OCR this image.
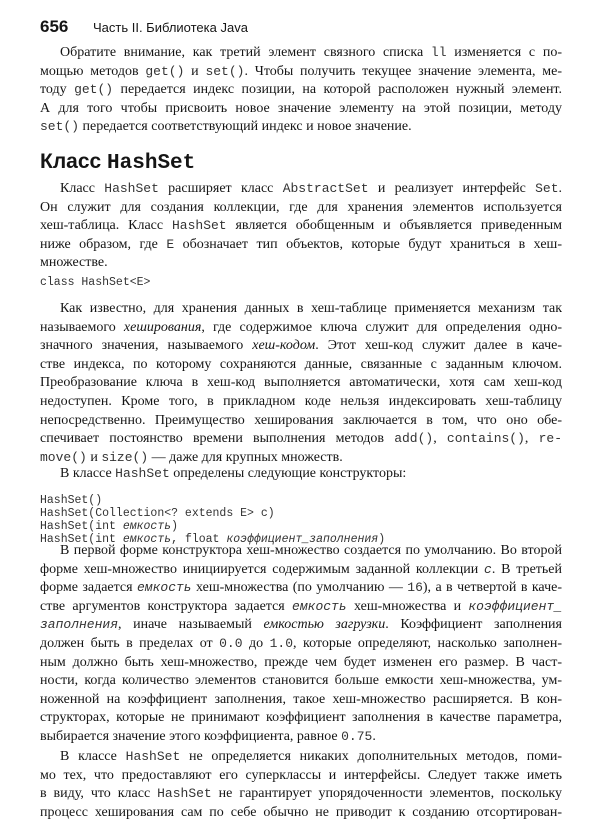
656 Часть II. Библиотека Java
Класс HashSet
Обратите внимание, как третий элемент связного списка ll изменяется с по-
мощью методов get() и set(). Чтобы получить текущее значение элемента, ме-
тоду get() передается индекс позиции, на которой расположен нужный элемент.
А для того чтобы присвоить новое значение элементу на этой позиции, методу
set() передается соответствующий индекс и новое значение.
Класс HashSet расширяет класс AbstractSet и реализует интерфейс Set.
Он служит для создания коллекции, где для хранения элементов используется
хеш-таблица. Класс HashSet является обобщенным и объявляется приведенным
ниже образом, где E обозначает тип объектов, которые будут храниться в хеш-
множестве.
class HashSet<E>
Как известно, для хранения данных в хеш-таблице применяется механизм так
называемого хеширования, где содержимое ключа служит для определения одно-
значного значения, называемого хеш-кодом. Этот хеш-код служит далее в каче-
стве индекса, по которому сохраняются данные, связанные с заданным ключом.
Преобразование ключа в хеш-код выполняется автоматически, хотя сам хеш-код
недоступен. Кроме того, в прикладном коде нельзя индексировать хеш-таблицу
непосредственно. Преимущество хеширования заключается в том, что оно обе-
спечивает постоянство времени выполнения методов add(), contains(), re-
move() и size() — даже для крупных множеств.
В классе HashSet определены следующие конструкторы:
HashSet()
HashSet(Collection<? extends E> c)
HashSet(int емкость)
HashSet(int емкость, float коэффициент_заполнения)
В первой форме конструктора хеш-множество создается по умолчанию. Во второй
форме хеш-множество инициируется содержимым заданной коллекции c. В третьей
форме задается емкость хеш-множества (по умолчанию — 16), а в четвертой в каче-
стве аргументов конструктора задается емкость хеш-множества и коэффициент_
заполнения, иначе называемый емкостью загрузки. Коэффициент заполнения
должен быть в пределах от 0.0 до 1.0, которые определяют, насколько заполнен-
ным должно быть хеш-множество, прежде чем будет изменен его размер. В част-
ности, когда количество элементов становится больше емкости хеш-множества, ум-
ноженной на коэффициент заполнения, такое хеш-множество расширяется. В кон-
структорах, которые не принимают коэффициент заполнения в качестве параметра,
выбирается значение этого коэффициента, равное 0.75.
В классе HashSet не определяется никаких дополнительных методов, поми-
мо тех, что предоставляют его суперклассы и интерфейсы. Следует также иметь
в виду, что класс HashSet не гарантирует упорядоченности элементов, поскольку
процесс хеширования сам по себе обычно не приводит к созданию отсортирован-
